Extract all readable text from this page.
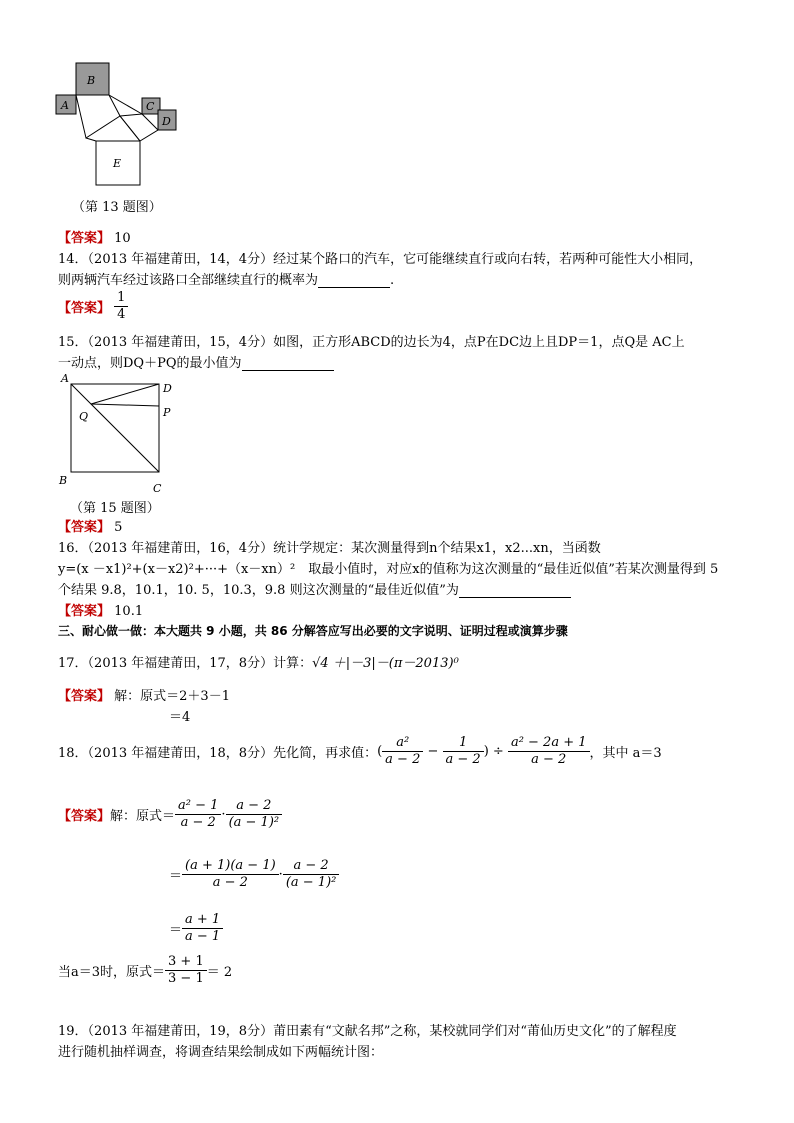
B
A	C
D
E
（第 13 题图）
【答案】 10
14．（2013 年福建莆田，14，4分）经过某个路口的汽车，它可能继续直行或向右转，若两种可能性大小相同，
则两辆汽车经过该路口全部继续直行的概率为	.
【答案】 $\frac{1}{4}$
15．（2013 年福建莆田，15，4分）如图，正方形ABCD的边长为4，点P在DC边上且DP＝1，点Q是 AC上
一动点，则DQ＋PQ的最小值为
A
D
Q	P
B
C
（第 15 题图）
【答案】 5
16．（2013 年福建莆田，16，4分）统计学规定：某次测量得到n个结果x1，x2...xn，当函数
y=(x －x1)²+(x－x2)²+···+（x－xn）²　取最小值时，对应x的值称为这次测量的“最佳近似值”若某次测量得到 5
个结果 9.8，10.1，10. 5，10.3，9.8 则这次测量的“最佳近似值”为
【答案】 10.1
三、耐心做一做：本大题共 9 小题，共 86 分解答应写出必要的文字说明、证明过程或演算步骤
17．（2013 年福建莆田，17，8分）计算：√4 ＋|－3|－(π－2013)⁰
【答案】 解：原式＝2＋3－1
＝4
18．（2013 年福建莆田，18，8分）先化简，再求值：( $\frac{\text{a²}}{a - 2} - \frac{1}{a - 2}$ ) ÷ $\frac{\text{a² − 2a + 1}}{a - 2}$ ，其中 a＝3
【答案】解：原式＝ $\frac{\text{a² − 1}}{a - 2} \cdot \frac{a - 2}{\text{(a − 1)²}}$
＝ $\frac{(a + 1)(a - 1)}{a - 2} \cdot \frac{a - 2}{\text{(a − 1)²}}$
＝ $\frac{a + 1}{a - 1}$
当a＝3时，原式＝ $\frac{3 + 1}{3 - 1} = 2$
19．（2013 年福建莆田，19，8分）莆田素有“文献名邦”之称，某校就同学们对“莆仙历史文化”的了解程度
进行随机抽样调查，将调查结果绘制成如下两幅统计图：
